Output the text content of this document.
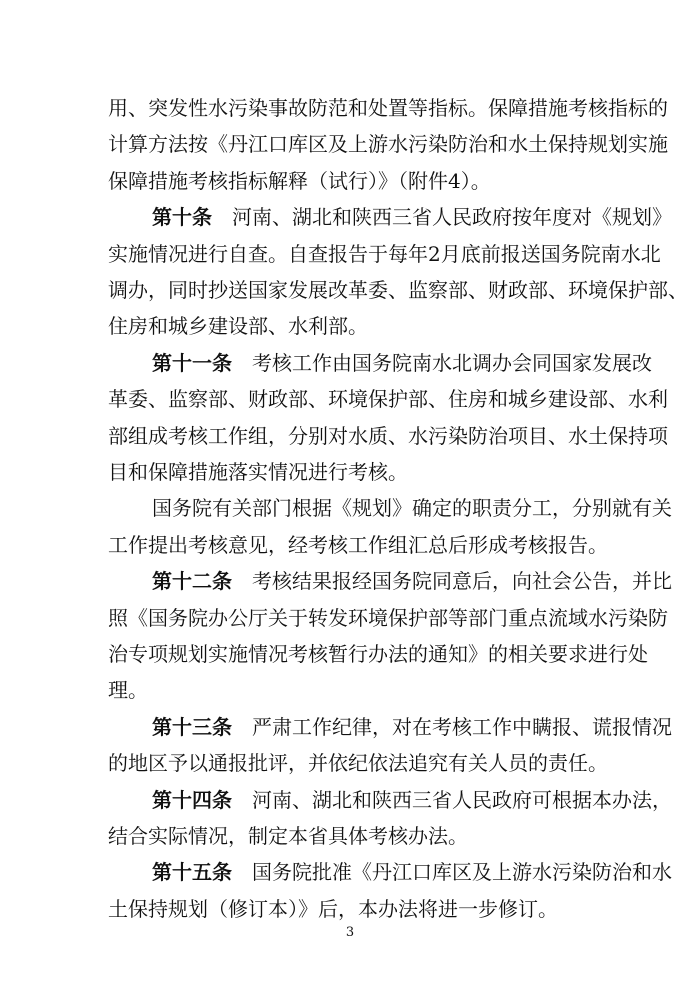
用、突发性水污染事故防范和处置等指标。保障措施考核指标的
计算方法按《丹江口库区及上游水污染防治和水土保持规划实施
保障措施考核指标解释（试行）》（附件4）。
第十条 河南、湖北和陕西三省人民政府按年度对《规划》
实施情况进行自查。自查报告于每年2月底前报送国务院南水北
调办，同时抄送国家发展改革委、监察部、财政部、环境保护部、
住房和城乡建设部、水利部。
第十一条 考核工作由国务院南水北调办会同国家发展改
革委、监察部、财政部、环境保护部、住房和城乡建设部、水利
部组成考核工作组，分别对水质、水污染防治项目、水土保持项
目和保障措施落实情况进行考核。
国务院有关部门根据《规划》确定的职责分工，分别就有关
工作提出考核意见，经考核工作组汇总后形成考核报告。
第十二条 考核结果报经国务院同意后，向社会公告，并比
照《国务院办公厅关于转发环境保护部等部门重点流域水污染防
治专项规划实施情况考核暂行办法的通知》的相关要求进行处
理。
第十三条 严肃工作纪律，对在考核工作中瞒报、谎报情况
的地区予以通报批评，并依纪依法追究有关人员的责任。
第十四条 河南、湖北和陕西三省人民政府可根据本办法，
结合实际情况，制定本省具体考核办法。
第十五条 国务院批准《丹江口库区及上游水污染防治和水
土保持规划（修订本）》后，本办法将进一步修订。
3
